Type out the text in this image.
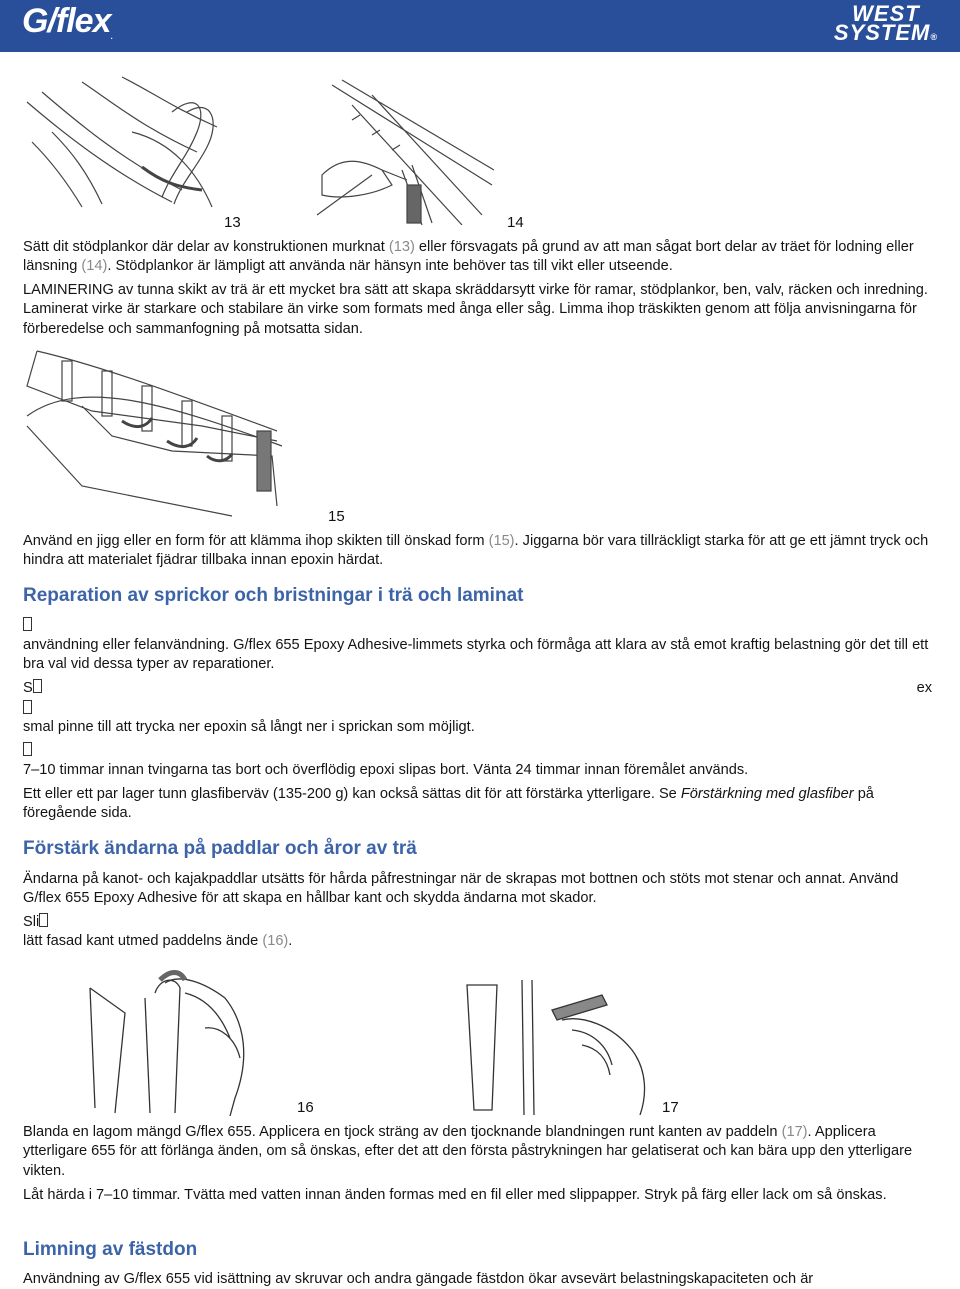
G/flex.
WEST
SYSTEM®
13	14

Sätt dit stödplankor där delar av konstruktionen murknat (13) eller försvagats på grund av att man sågat bort delar av träet för lodning eller länsning (14). Stödplankor är lämpligt att använda när hänsyn inte behöver tas till vikt eller utseende.

LAMINERING av tunna skikt av trä är ett mycket bra sätt att skapa skräddarsytt virke för ramar, stödplankor, ben, valv, räcken och inredning. Laminerat virke är starkare och stabilare än virke som formats med ånga eller såg. Limma ihop träskikten genom att följa anvisningarna för förberedelse och sammanfogning på motsatta sidan.

15

Använd en jigg eller en form för att klämma ihop skikten till önskad form (15). Jiggarna bör vara tillräckligt starka för att ge ett jämnt tryck och hindra att materialet fjädrar tillbaka innan epoxin härdat.

Reparation av sprickor och bristningar i trä och laminat

användning eller felanvändning. G/flex 655 Epoxy Adhesive-limmets styrka och förmåga att klara av stå emot kraftig belastning gör det till ett bra val vid dessa typer av reparationer.

S	ex

smal pinne till att trycka ner epoxin så långt ner i sprickan som möjligt.

7–10 timmar innan tvingarna tas bort och överflödig epoxi slipas bort. Vänta 24 timmar innan föremålet används.

Ett eller ett par lager tunn glasfiberväv (135-200 g) kan också sättas dit för att förstärka ytterligare. Se Förstärkning med glasfiber på föregående sida.

Förstärk ändarna på paddlar och åror av trä

Ändarna på kanot- och kajakpaddlar utsätts för hårda påfrestningar när de skrapas mot bottnen och stöts mot stenar och annat. Använd G/flex 655 Epoxy Adhesive för att skapa en hållbar kant och skydda ändarna mot skador.

Sli

lätt fasad kant utmed paddelns ände (16).

16	17

Blanda en lagom mängd G/flex 655. Applicera en tjock sträng av den tjocknande blandningen runt kanten av paddeln (17). Applicera ytterligare 655 för att förlänga änden, om så önskas, efter det att den första påstrykningen har gelatiserat och kan bära upp den ytterligare vikten.

Låt härda i 7–10 timmar. Tvätta med vatten innan änden formas med en fil eller med slippapper. Stryk på färg eller lack om så önskas.

Limning av fästdon

Användning av G/flex 655 vid isättning av skruvar och andra gängade fästdon ökar avsevärt belastningskapaciteten och är
